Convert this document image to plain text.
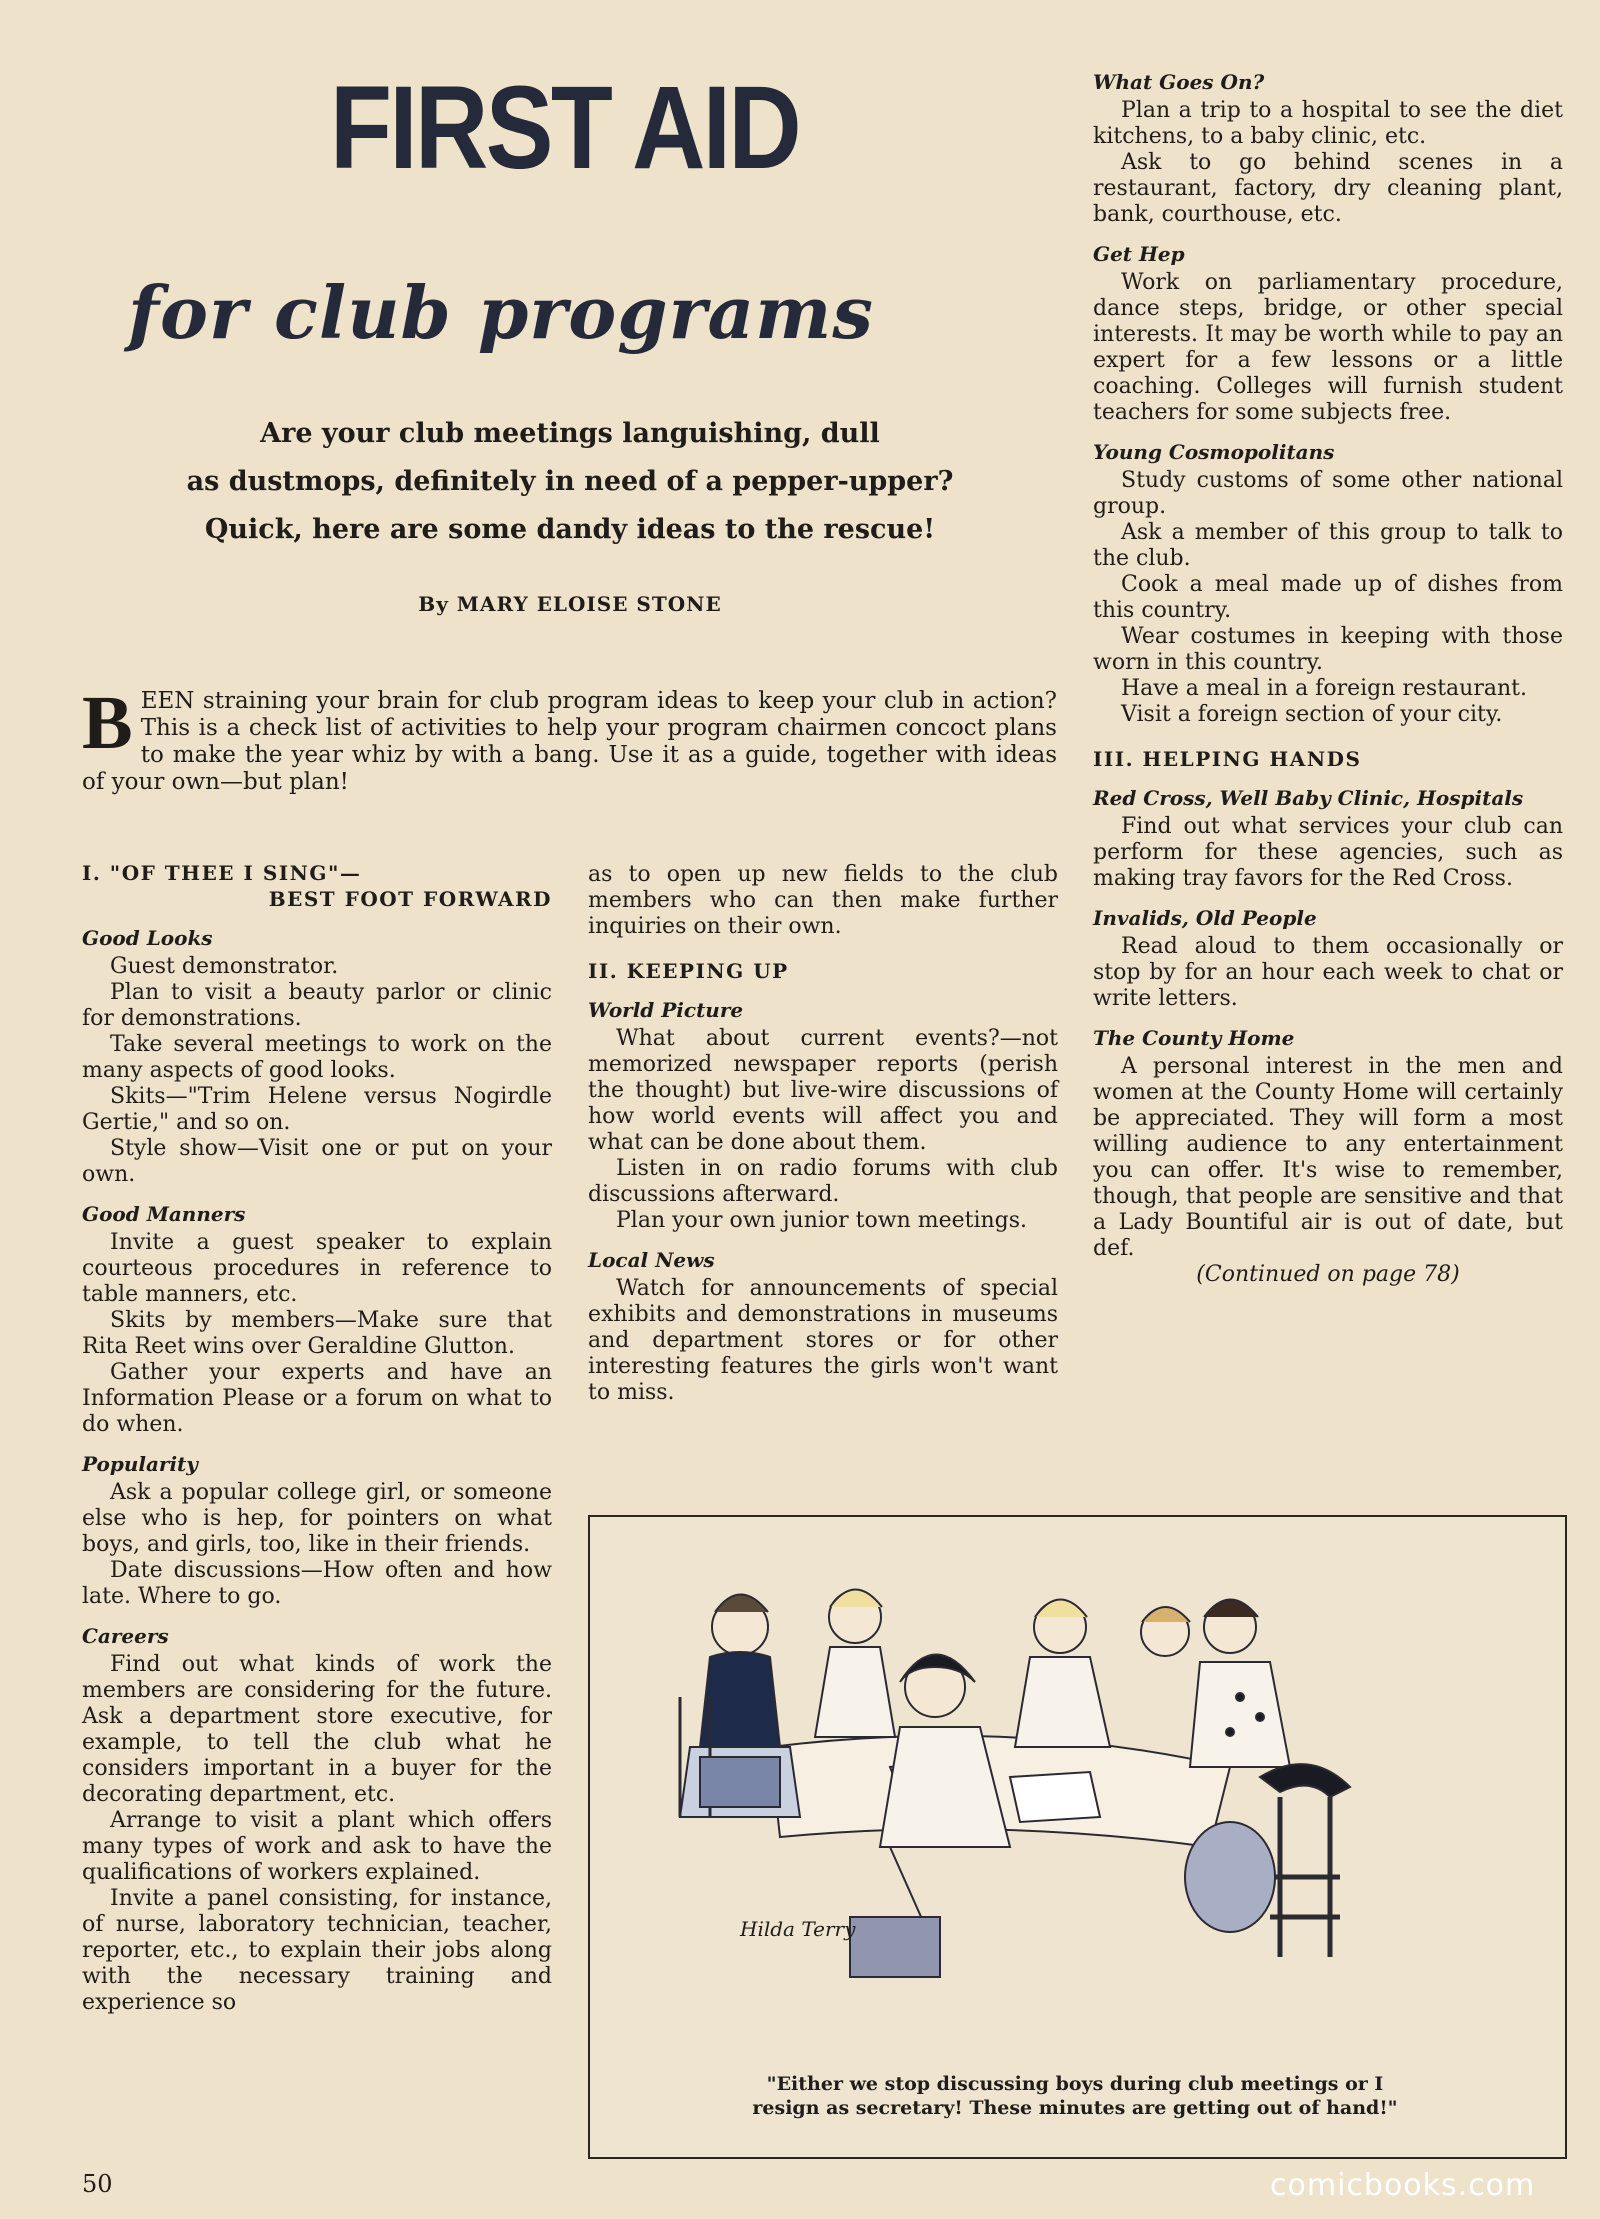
FIRST AID
for club programs
Are your club meetings languishing, dull
as dustmops, definitely in need of a pepper-upper?
Quick, here are some dandy ideas to the rescue!
By MARY ELOISE STONE
BEEN straining your brain for club program ideas to keep your club in action? This is a check list of activities to help your program chairmen concoct plans to make the year whiz by with a bang. Use it as a guide, together with ideas of your own—but plan!
I. "OF THEE I SING"—
BEST FOOT FORWARD
Good Looks

Guest demonstrator.

Plan to visit a beauty parlor or clinic for demonstrations.

Take several meetings to work on the many aspects of good looks.

Skits—"Trim Helene versus Nogirdle Gertie," and so on.

Style show—Visit one or put on your own.

Good Manners

Invite a guest speaker to explain courteous procedures in reference to table manners, etc.

Skits by members—Make sure that Rita Reet wins over Geraldine Glutton.

Gather your experts and have an Information Please or a forum on what to do when.

Popularity

Ask a popular college girl, or someone else who is hep, for pointers on what boys, and girls, too, like in their friends.

Date discussions—How often and how late. Where to go.

Careers

Find out what kinds of work the members are considering for the future. Ask a department store executive, for example, to tell the club what he considers important in a buyer for the decorating department, etc.

Arrange to visit a plant which offers many types of work and ask to have the qualifications of workers explained.

Invite a panel consisting, for instance, of nurse, laboratory technician, teacher, reporter, etc., to explain their jobs along with the necessary training and experience so

as to open up new fields to the club members who can then make further inquiries on their own.

II. KEEPING UP
World Picture

What about current events?—not memorized newspaper reports (perish the thought) but live-wire discussions of how world events will affect you and what can be done about them.

Listen in on radio forums with club discussions afterward.

Plan your own junior town meetings.

Local News

Watch for announcements of special exhibits and demonstrations in museums and department stores or for other interesting features the girls won't want to miss.

What Goes On?

Plan a trip to a hospital to see the diet kitchens, to a baby clinic, etc.

Ask to go behind scenes in a restaurant, factory, dry cleaning plant, bank, courthouse, etc.

Get Hep

Work on parliamentary procedure, dance steps, bridge, or other special interests. It may be worth while to pay an expert for a few lessons or a little coaching. Colleges will furnish student teachers for some subjects free.

Young Cosmopolitans

Study customs of some other national group.

Ask a member of this group to talk to the club.

Cook a meal made up of dishes from this country.

Wear costumes in keeping with those worn in this country.

Have a meal in a foreign restaurant.

Visit a foreign section of your city.

III. HELPING HANDS
Red Cross, Well Baby Clinic, Hospitals

Find out what services your club can perform for these agencies, such as making tray favors for the Red Cross.

Invalids, Old People

Read aloud to them occasionally or stop by for an hour each week to chat or write letters.

The County Home

A personal interest in the men and women at the County Home will certainly be appreciated. They will form a most willing audience to any entertainment you can offer. It's wise to remember, though, that people are sensitive and that a Lady Bountiful air is out of date, but def.

(Continued on page 78)

Hilda Terry
"Either we stop discussing boys during club meetings or I
resign as secretary! These minutes are getting out of hand!"
50	comicbooks.com
